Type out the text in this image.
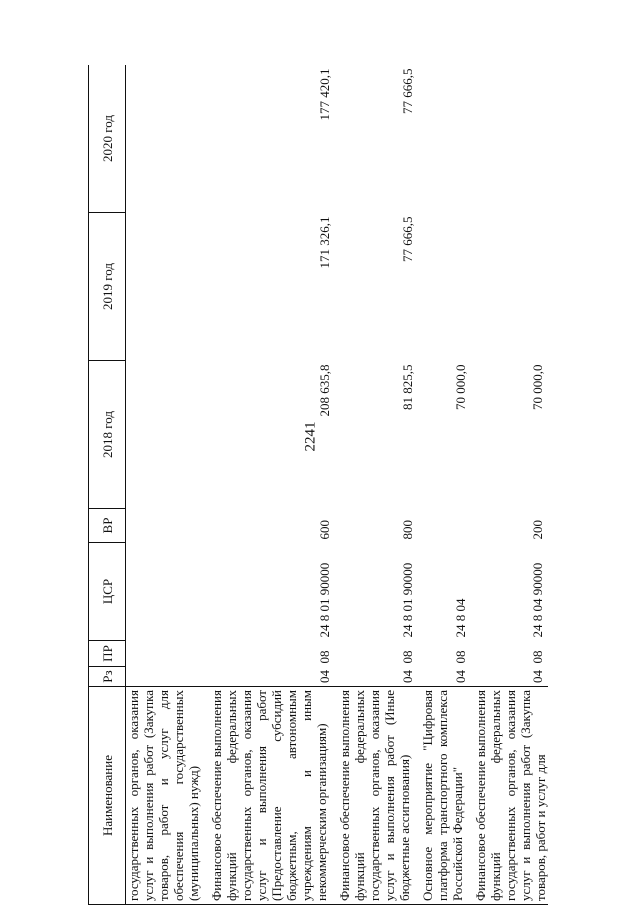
2241
Наименование	Рз	ПР	ЦСР	ВР	2018 год	2019 год	2020 год
государственных органов, оказания услуг и выполнения работ (Закупка товаров, работ и услуг для обеспечения государственных (муниципальных) нужд)							
Финансовое обеспечение выполнения функций федеральных государственных органов, оказания услуг и выполнения работ (Предоставление субсидий бюджетным, автономным учреждениям и иным некоммерческим организациям)	04	08	24 8 01 90000	600	208 635,8	171 326,1	177 420,1
Финансовое обеспечение выполнения функций федеральных государственных органов, оказания услуг и выполнения работ (Иные бюджетные ассигнования)	04	08	24 8 01 90000	800	81 825,5	77 666,5	77 666,5
Основное мероприятие "Цифровая платформа транспортного комплекса Российской Федерации"	04	08	24 8 04		70 000,0		
Финансовое обеспечение выполнения функций федеральных государственных органов, оказания услуг и выполнения работ (Закупка товаров, работ и услуг для	04	08	24 8 04 90000	200	70 000,0		
